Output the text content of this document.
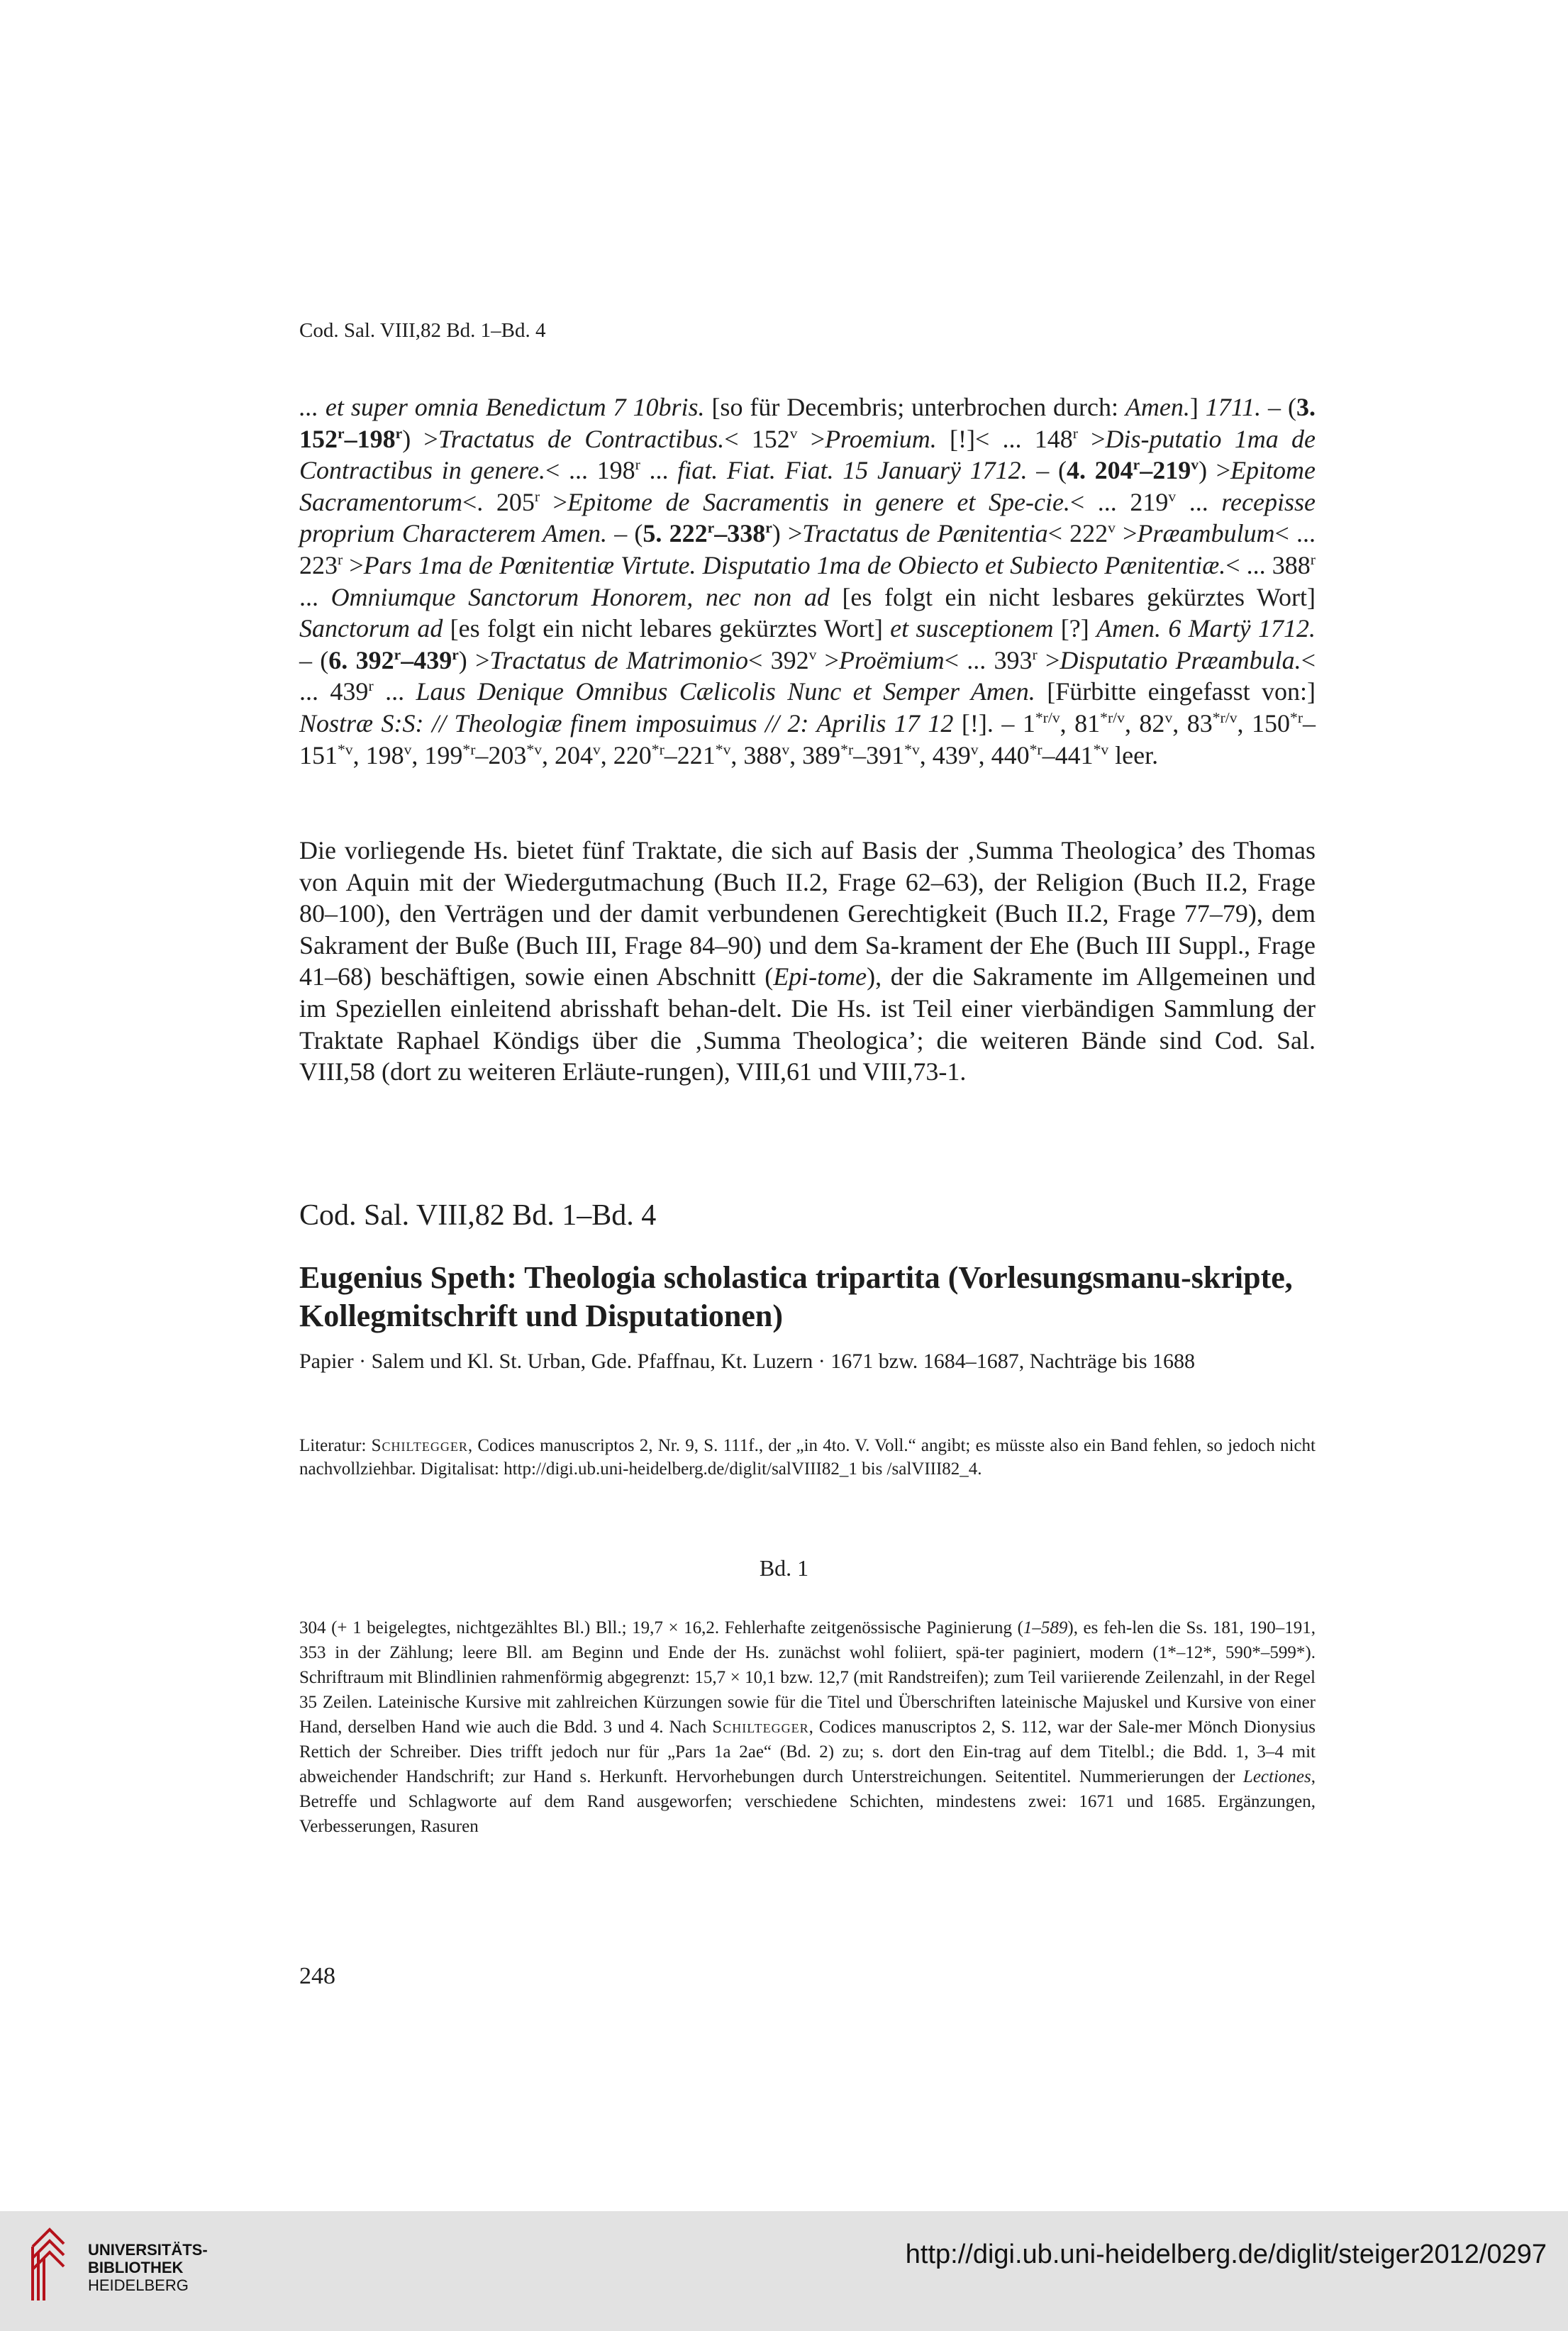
Cod. Sal. VIII,82 Bd. 1–Bd. 4

... et super omnia Benedictum 7 10bris. [so für Decembris; unterbrochen durch: Amen.] 1711. – (3. $152^r-198^r$) >Tractatus de Contractibus.< $152^v$ >Proemium. [!]< ... $148^r$ >Dis-putatio 1ma de Contractibus in genere.< ... 198$^r$ ... fiat. Fiat. Fiat. 15 Januarÿ 1712. – (4. $204^r-219^v$) >Epitome Sacramentorum<. $205^r$ >Epitome de Sacramentis in genere et Spe-cie.< ... 219$^v$ ... recepisse proprium Characterem Amen. – (5. $222^r-338^r$) >Tractatus de Pænitentia< $222^v$ >Præambulum< ... $223^r$ >Pars 1ma de Pœnitentiæ Virtute. Disputatio 1ma de Obiecto et Subiecto Pænitentiæ.< ... 388$^r$ ... Omniumque Sanctorum Honorem, nec non ad [es folgt ein nicht lesbares gekürztes Wort] Sanctorum ad [es folgt ein nicht lebares gekürztes Wort] et susceptionem [?] Amen. 6 Martÿ 1712. – (6. $392^r-439^r$) >Tractatus de Matrimonio< $392^v$ >Proëmium< ... $393^r$ >Disputatio Præambula.< ... 439$^r$ ... Laus Denique Omnibus Cælicolis Nunc et Semper Amen. [Fürbitte eingefasst von:] Nostræ S:S: // Theologiæ finem imposuimus // 2: Aprilis 17 12 [!]. – $1^{*r/v}$, $81^{*r/v}$, 82$^v$, $83^{*r/v}$, 150$^{*r}$–151$^{*v}$, 198$^v$, 199$^{*r}$–203$^{*v}$, 204$^v$, 220$^{*r}$–221$^{*v}$, 388$^v$, 389$^{*r}$–391$^{*v}$, 439$^v$, 440$^{*r}$–441$^{*v}$ leer.

Die vorliegende Hs. bietet fünf Traktate, die sich auf Basis der ‚Summa Theologica’ des Thomas von Aquin mit der Wiedergutmachung (Buch II.2, Frage 62–63), der Religion (Buch II.2, Frage 80–100), den Verträgen und der damit verbundenen Gerechtigkeit (Buch II.2, Frage 77–79), dem Sakrament der Buße (Buch III, Frage 84–90) und dem Sa-krament der Ehe (Buch III Suppl., Frage 41–68) beschäftigen, sowie einen Abschnitt (Epi-tome), der die Sakramente im Allgemeinen und im Speziellen einleitend abrisshaft behan-delt. Die Hs. ist Teil einer vierbändigen Sammlung der Traktate Raphael Köndigs über die ‚Summa Theologica’; die weiteren Bände sind Cod. Sal. VIII,58 (dort zu weiteren Erläute-rungen), VIII,61 und VIII,73-1.

Cod. Sal. VIII,82 Bd. 1–Bd. 4
Eugenius Speth: Theologia scholastica tripartita (Vorlesungsmanu-skripte, Kollegmitschrift und Disputationen)

Papier · Salem und Kl. St. Urban, Gde. Pfaffnau, Kt. Luzern · 1671 bzw. 1684–1687, Nachträge bis 1688

Literatur: Schiltegger, Codices manuscriptos 2, Nr. 9, S. 111f., der „in 4to. V. Voll.“ angibt; es müsste also ein Band fehlen, so jedoch nicht nachvollziehbar. Digitalisat: http://digi.ub.uni-heidelberg.de/diglit/salVIII82_1 bis /salVIII82_4.

Bd. 1

304 (+ 1 beigelegtes, nichtgezähltes Bl.) Bll.; 19,7 × 16,2. Fehlerhafte zeitgenössische Paginierung (1–589), es feh-len die Ss. 181, 190–191, 353 in der Zählung; leere Bll. am Beginn und Ende der Hs. zunächst wohl foliiert, spä-ter paginiert, modern (1*–12*, 590*–599*). Schriftraum mit Blindlinien rahmenförmig abgegrenzt: 15,7 × 10,1 bzw. 12,7 (mit Randstreifen); zum Teil variierende Zeilenzahl, in der Regel 35 Zeilen. Lateinische Kursive mit zahlreichen Kürzungen sowie für die Titel und Überschriften lateinische Majuskel und Kursive von einer Hand, derselben Hand wie auch die Bdd. 3 und 4. Nach Schiltegger, Codices manuscriptos 2, S. 112, war der Sale-mer Mönch Dionysius Rettich der Schreiber. Dies trifft jedoch nur für „Pars 1a 2ae“ (Bd. 2) zu; s. dort den Ein-trag auf dem Titelbl.; die Bdd. 1, 3–4 mit abweichender Handschrift; zur Hand s. Herkunft. Hervorhebungen durch Unterstreichungen. Seitentitel. Nummerierungen der Lectiones, Betreffe und Schlagworte auf dem Rand ausgeworfen; verschiedene Schichten, mindestens zwei: 1671 und 1685. Ergänzungen, Verbesserungen, Rasuren

248
UNIVERSITÄTS-
BIBLIOTHEK
HEIDELBERG
http://digi.ub.uni-heidelberg.de/diglit/steiger2012/0297
